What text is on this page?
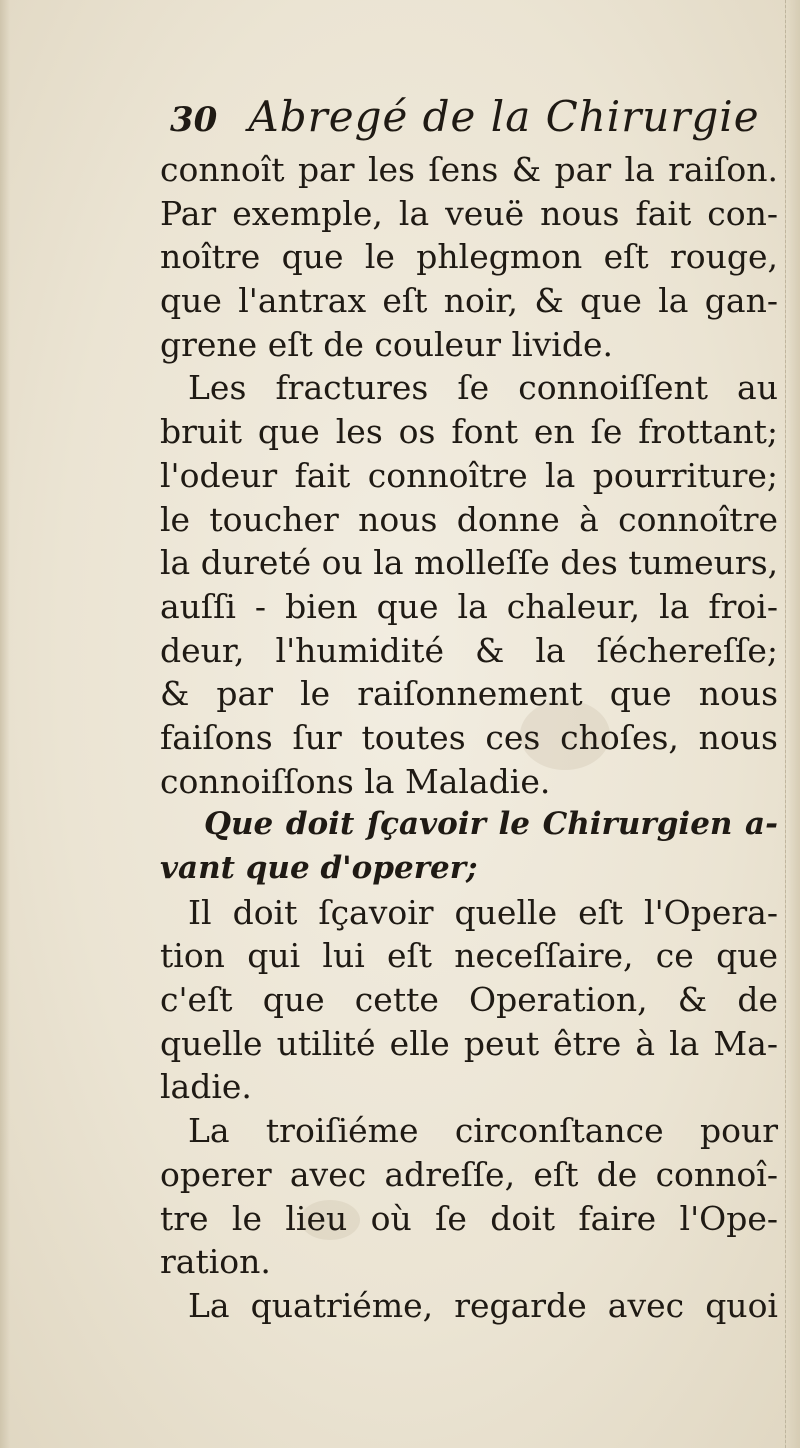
30 Abregé de la Chirurgie
connoît par les ſens & par la raiſon.
Par exemple, la veuë nous fait con-
noître que le phlegmon eſt rouge,
que l'antrax eſt noir, & que la gan-
grene eſt de couleur livide.
Les fractures ſe connoiſſent au
bruit que les os font en ſe frottant;
l'odeur fait connoître la pourriture;
le toucher nous donne à connoître
la dureté ou la molleſſe des tumeurs,
auſſi - bien que la chaleur, la froi-
deur, l'humidité & la ſéchereſſe;
& par le raiſonnement que nous
faiſons ſur toutes ces choſes, nous
connoiſſons la Maladie.
Que doit ſçavoir le Chirurgien a-
vant que d'operer;
Il doit ſçavoir quelle eſt l'Opera-
tion qui lui eſt neceſſaire, ce que
c'eſt que cette Operation, & de
quelle utilité elle peut être à la Ma-
ladie.
La troiſiéme circonſtance pour
operer avec adreſſe, eſt de connoî-
tre le lieu où ſe doit faire l'Ope-
ration.
La quatriéme, regarde avec quoi
